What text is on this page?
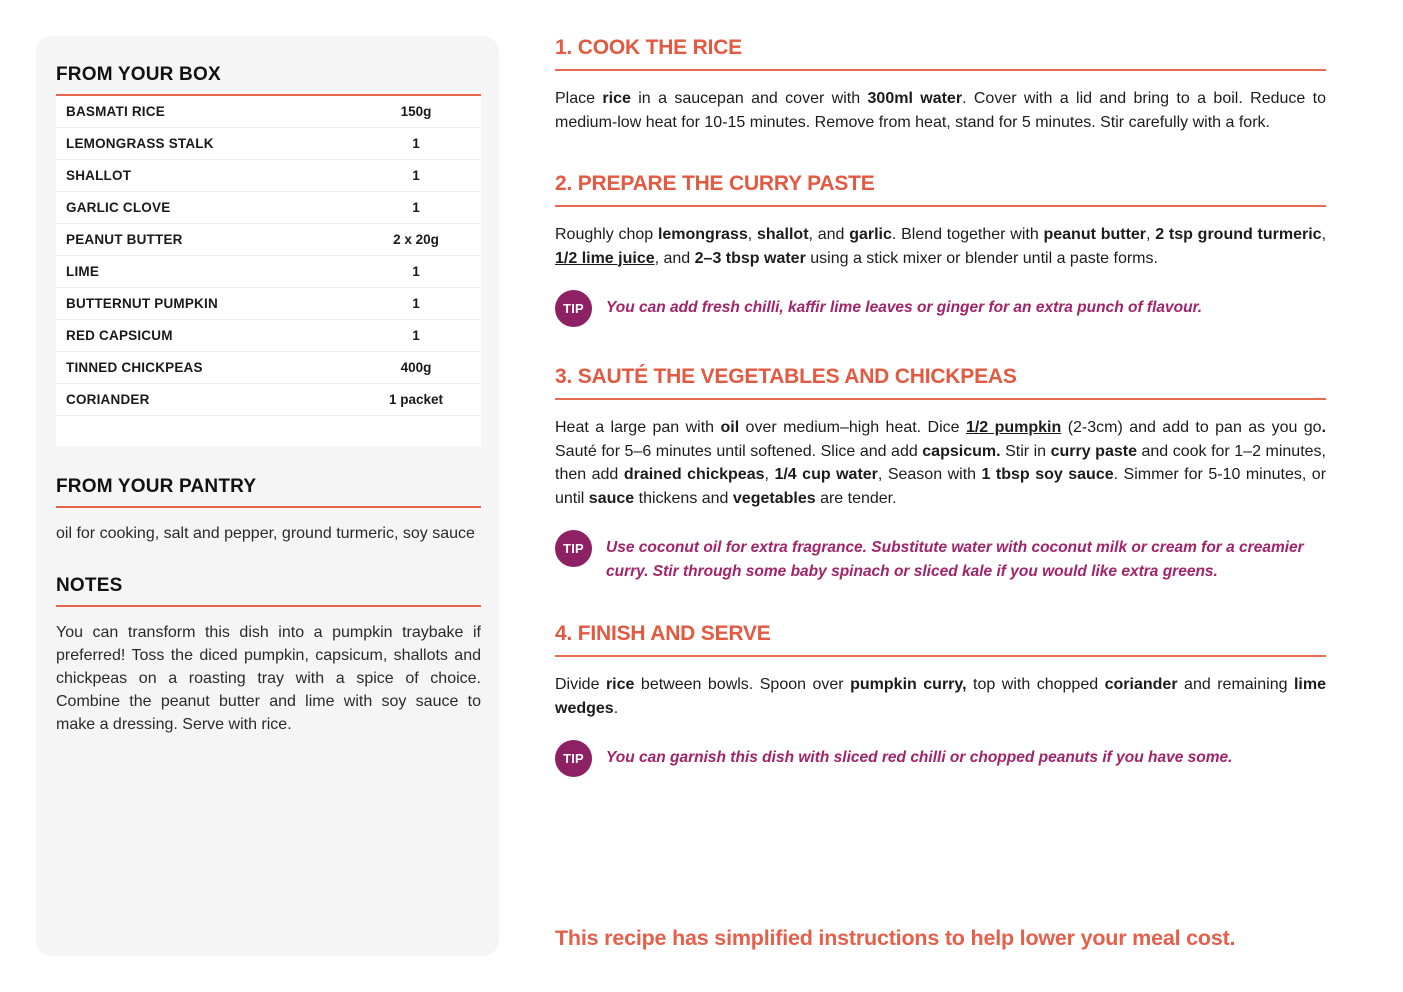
FROM YOUR BOX
BASMATI RICE	150g
LEMONGRASS STALK	1
SHALLOT	1
GARLIC CLOVE	1
PEANUT BUTTER	2 x 20g
LIME	1
BUTTERNUT PUMPKIN	1
RED CAPSICUM	1
TINNED CHICKPEAS	400g
CORIANDER	1 packet
FROM YOUR PANTRY

oil for cooking, salt and pepper, ground turmeric, soy sauce

NOTES

You can transform this dish into a pumpkin traybake if preferred! Toss the diced pumpkin, capsicum, shallots and chickpeas on a roasting tray with a spice of choice. Combine the peanut butter and lime with soy sauce to make a dressing. Serve with rice.

1. COOK THE RICE

Place rice in a saucepan and cover with 300ml water. Cover with a lid and bring to a boil. Reduce to medium-low heat for 10-15 minutes. Remove from heat, stand for 5 minutes. Stir carefully with a fork.

2. PREPARE THE CURRY PASTE

Roughly chop lemongrass, shallot, and garlic. Blend together with peanut butter, 2 tsp ground turmeric, 1/2 lime juice, and 2–3 tbsp water using a stick mixer or blender until a paste forms.

TIP	You can add fresh chilli, kaffir lime leaves or ginger for an extra punch of flavour.
3. SAUTÉ THE VEGETABLES AND CHICKPEAS

Heat a large pan with oil over medium–high heat. Dice 1/2 pumpkin (2-3cm) and add to pan as you go. Sauté for 5–6 minutes until softened. Slice and add capsicum. Stir in curry paste and cook for 1–2 minutes, then add drained chickpeas, 1/4 cup water, Season with 1 tbsp soy sauce. Simmer for 5-10 minutes, or until sauce thickens and vegetables are tender.

TIP	Use coconut oil for extra fragrance. Substitute water with coconut milk or cream for a creamier curry. Stir through some baby spinach or sliced kale if you would like extra greens.
4. FINISH AND SERVE

Divide rice between bowls. Spoon over pumpkin curry, top with chopped coriander and remaining lime wedges.

TIP	You can garnish this dish with sliced red chilli or chopped peanuts if you have some.
This recipe has simplified instructions to help lower your meal cost.
